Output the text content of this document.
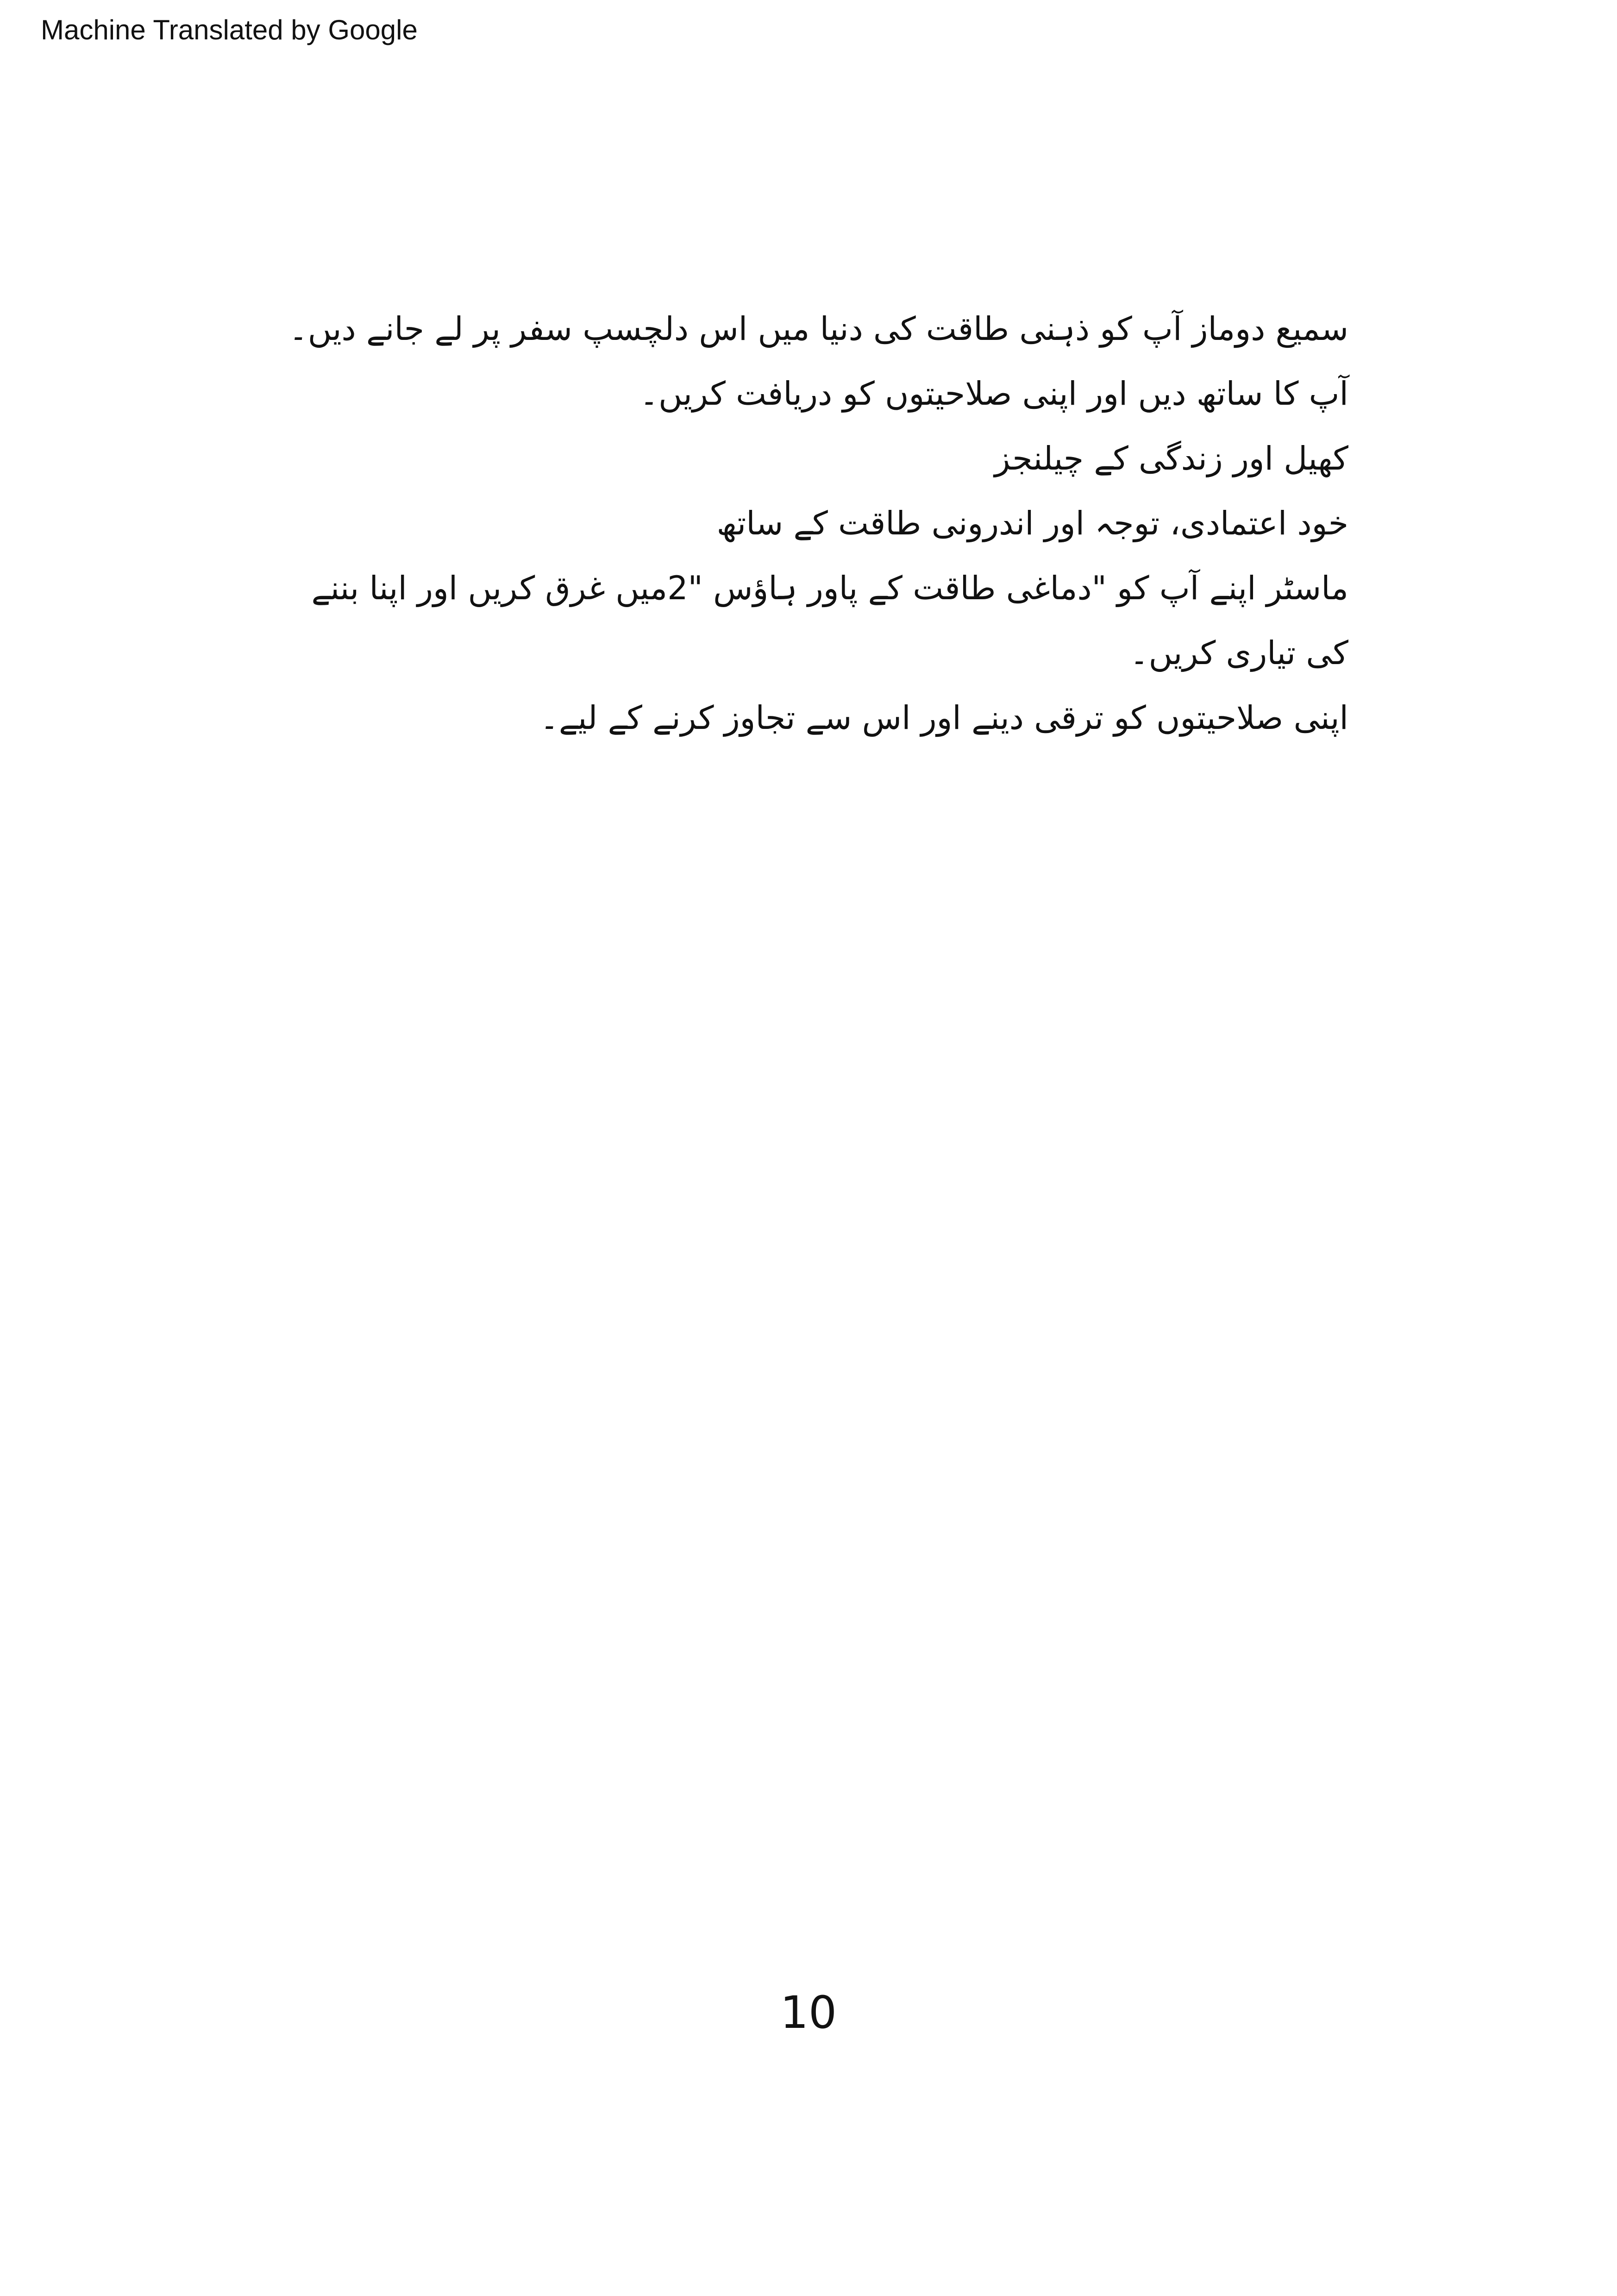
Machine Translated by Google
سمیع دوماز آپ کو ذہنی طاقت کی دنیا میں اس دلچسپ سفر پر لے جانے دیں۔
آپ کا ساتھ دیں اور اپنی صلاحیتوں کو دریافت کریں۔
کھیل اور زندگی کے چیلنجز
خود اعتمادی، توجہ اور اندرونی طاقت کے ساتھ
ماسٹر اپنے آپ کو "دماغی طاقت کے پاور ہاؤس "2میں غرق کریں اور اپنا بننے کی تیاری کریں۔
اپنی صلاحیتوں کو ترقی دینے اور اس سے تجاوز کرنے کے لیے۔
10
